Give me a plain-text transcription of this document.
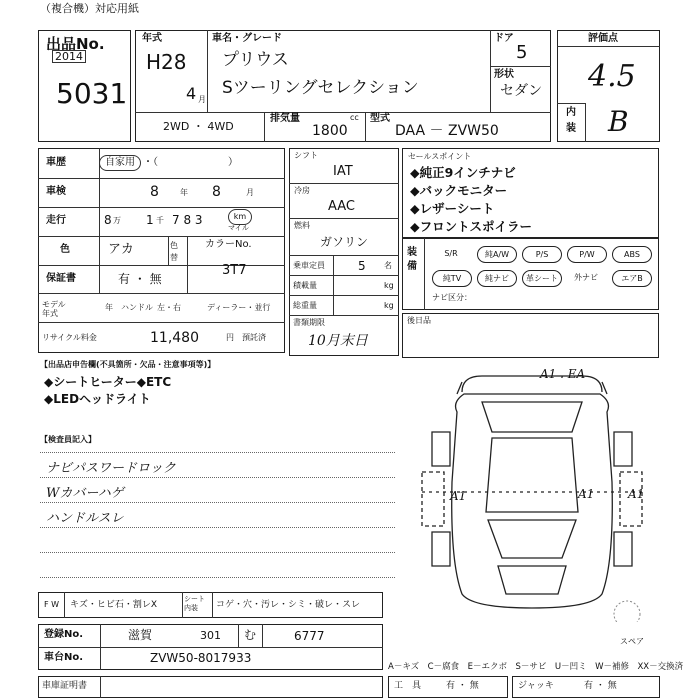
（複合機）対応用紙
出品No.
2014
5031
年式
H28
4 月
車名・グレード
プリウス
Sツーリングセレクション
ドア
5
形状
セダン
2WD ・ 4WD
排気量	cc
1800
型式
DAA － ZVW50
評価点
4.5
内
装 B
車歴	自家用 ・（　　　　　　　）
車検	8	年 8	月
走行	8 万 1 千 7 8 3	km
マイル
色	アカ	色替
カラーNo.
3T7
保証書	有 ・ 無
モデル年式
年 ハンドル 左・右	ディーラー・並行
リサイクル料金	11,480	円 預託済
シフト
IAT
冷房
AAC
燃料
ガソリン
乗車定員	5 名
積載量	kg
総重量	kg
書類期限
10月末日
セールスポイント
◆純正9インチナビ
◆バックモニター
◆レザーシート
◆フロントスポイラー
装備
S/R	純A/W	P/S	P/W	ABS
純TV	純ナビ	革シート	外ナビ	エアB
ナビ区分：
後日品
【出品店申告欄(不具箇所・欠品・注意事項等)】
◆シートヒーター◆ETC
◆LEDヘッドライト
【検査員記入】
ナビパスワードロック
Wカバーハゲ
ハンドルスレ
A1 . EA
A1	A1	A1
スペア
F W キズ・ヒビ石・割レX
シート内装	コゲ・穴・汚レ・シミ・破レ・スレ
登録No.	滋賀	301 む	6777
車台No.	ZVW50-8017933
A－キズ　C－腐食　E－エクボ　S－サビ　U－凹ミ　W－補修　XX－交換済
車庫証明書	工　具	有 ・ 無	ジャッキ	有 ・ 無
